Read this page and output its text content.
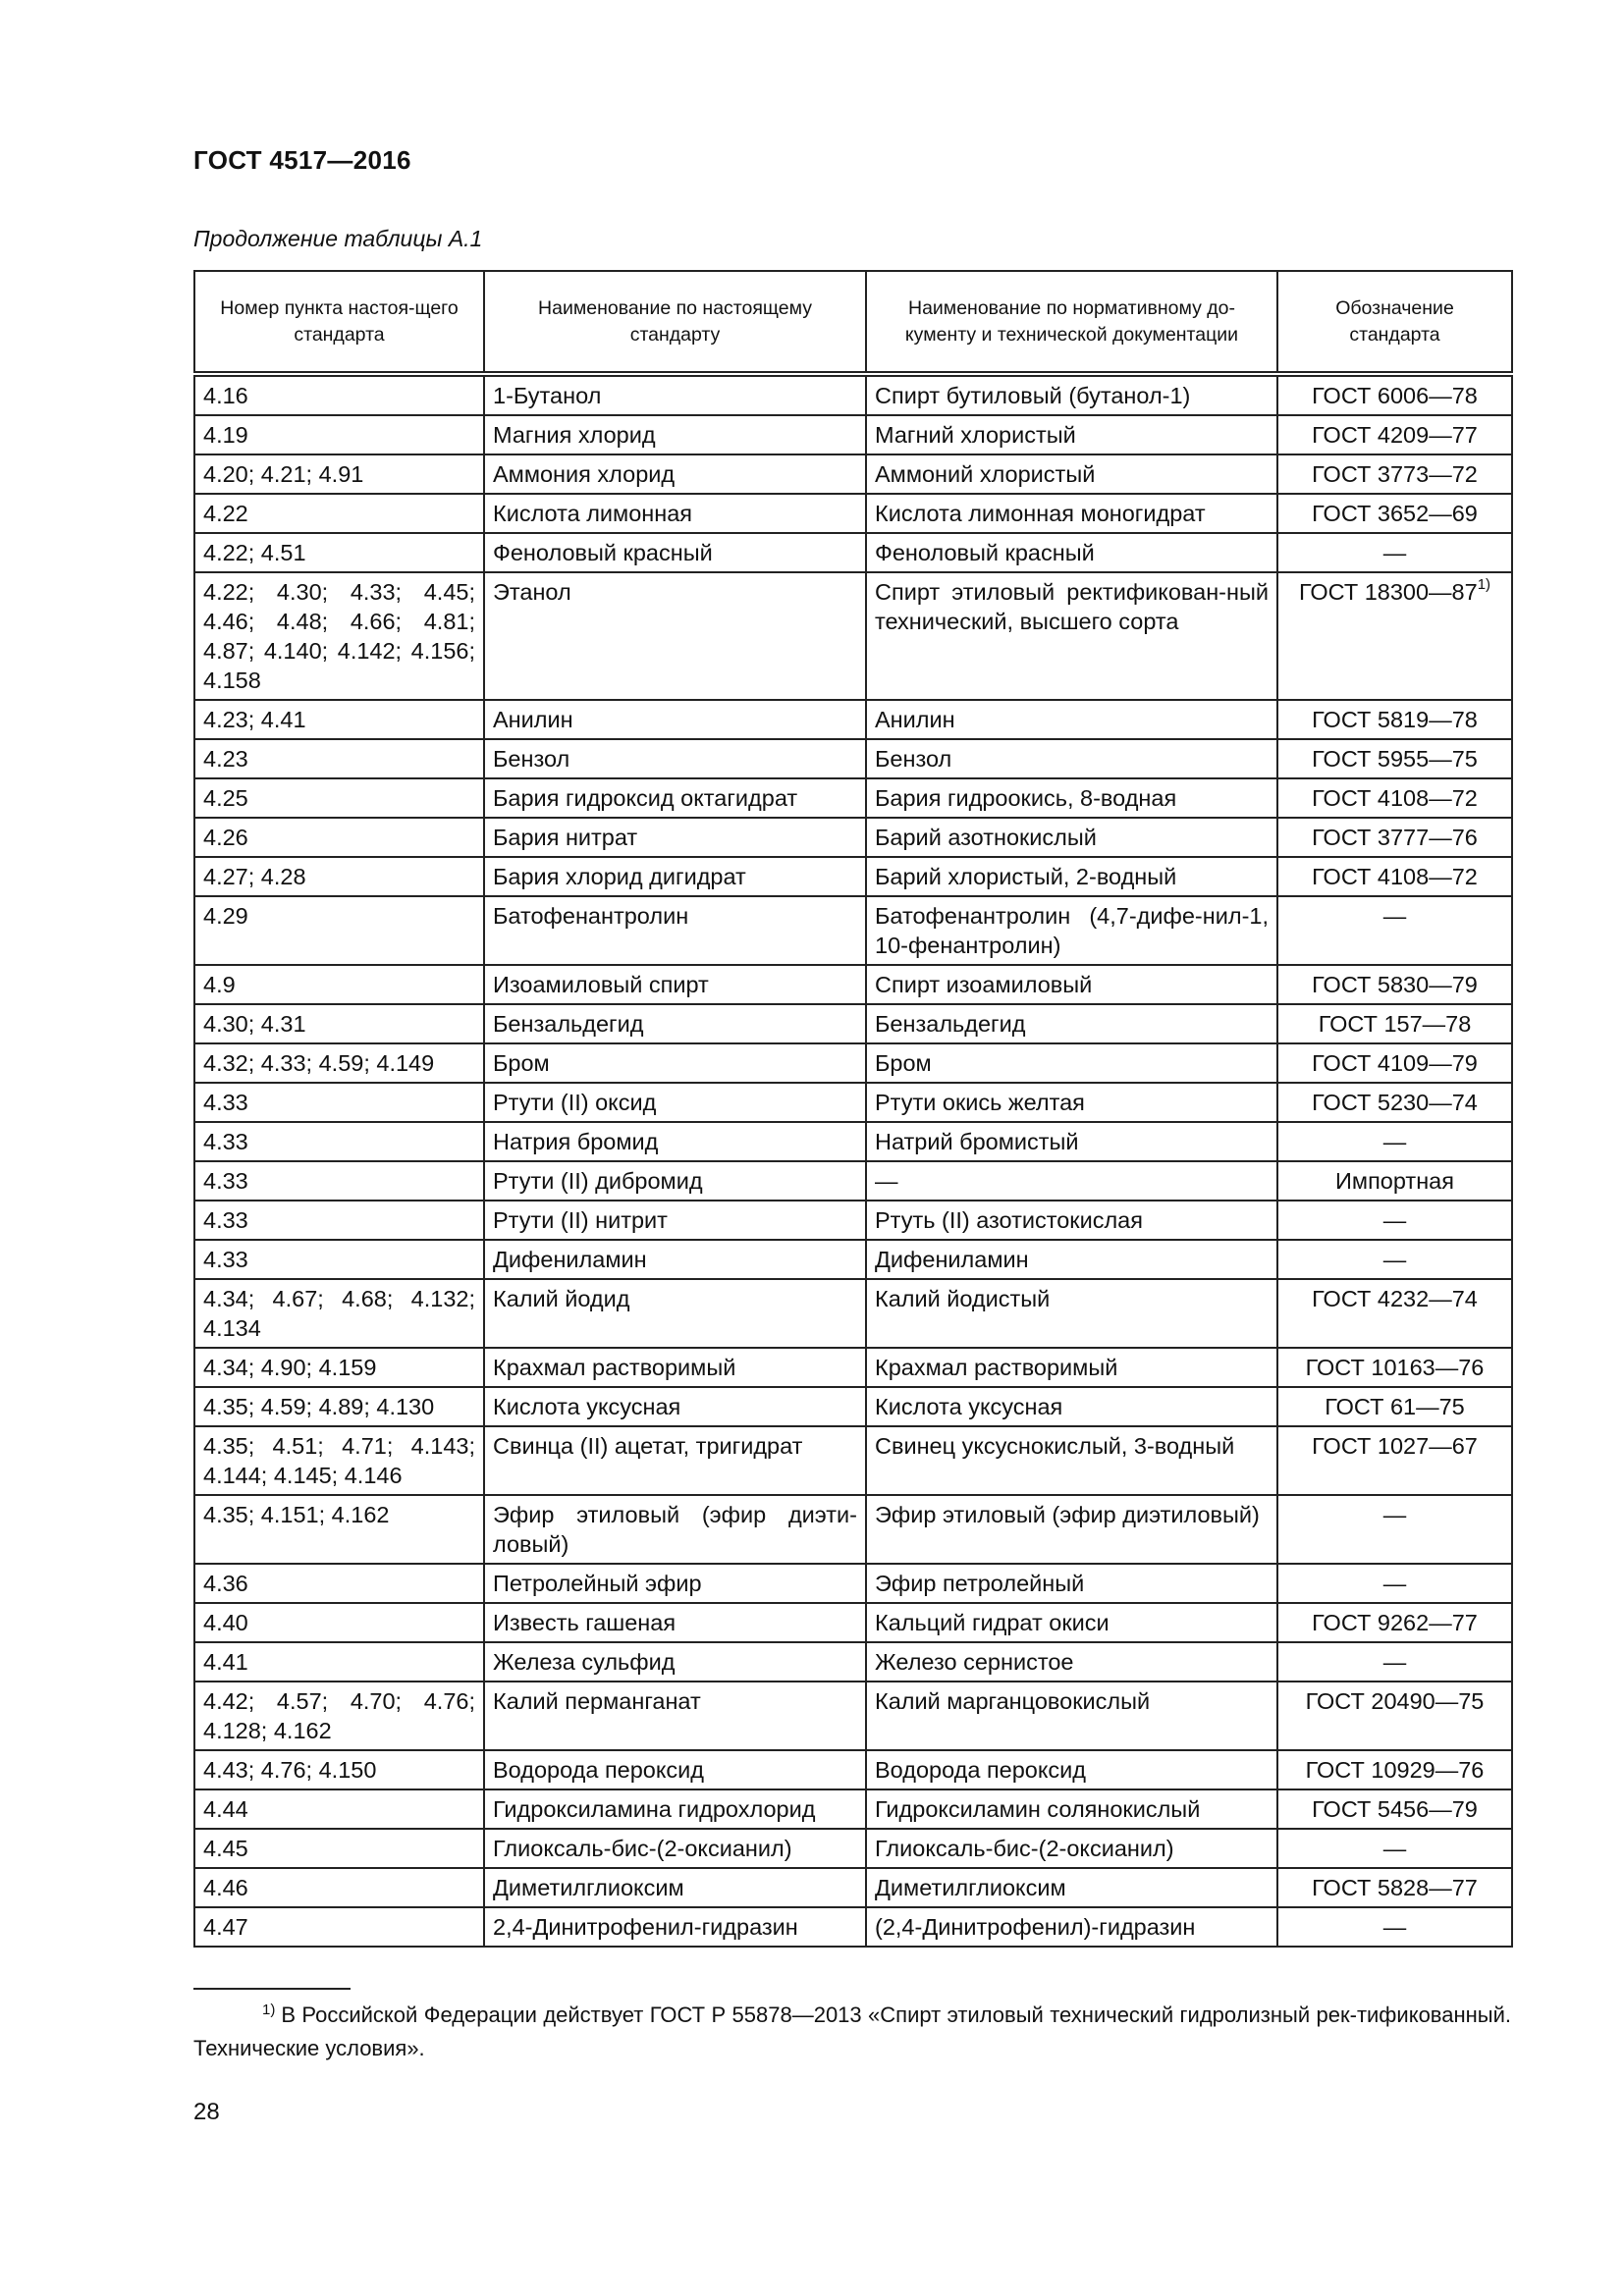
ГОСТ 4517—2016
Продолжение таблицы А.1
Номер пункта настоя-щего стандарта	Наименование по настоящему стандарту	Наименование по нормативному до-кументу и технической документации	Обозначение стандарта
4.16	1-Бутанол	Спирт бутиловый (бутанол-1)	ГОСТ 6006—78
4.19	Магния хлорид	Магний хлористый	ГОСТ 4209—77
4.20; 4.21; 4.91	Аммония хлорид	Аммоний хлористый	ГОСТ 3773—72
4.22	Кислота лимонная	Кислота лимонная моногидрат	ГОСТ 3652—69
4.22; 4.51	Феноловый красный	Феноловый красный	—
4.22; 4.30; 4.33; 4.45; 4.46; 4.48; 4.66; 4.81; 4.87; 4.140; 4.142; 4.156; 4.158	Этанол	Спирт этиловый ректификован-ный технический, высшего сорта	ГОСТ 18300—87$^{1)}$
4.23; 4.41	Анилин	Анилин	ГОСТ 5819—78
4.23	Бензол	Бензол	ГОСТ 5955—75
4.25	Бария гидроксид октагидрат	Бария гидроокись, 8-водная	ГОСТ 4108—72
4.26	Бария нитрат	Барий азотнокислый	ГОСТ 3777—76
4.27; 4.28	Бария хлорид дигидрат	Барий хлористый, 2-водный	ГОСТ 4108—72
4.29	Батофенантролин	Батофенантролин (4,7-дифе-нил-1, 10-фенантролин)	—
4.9	Изоамиловый спирт	Спирт изоамиловый	ГОСТ 5830—79
4.30; 4.31	Бензальдегид	Бензальдегид	ГОСТ 157—78
4.32; 4.33; 4.59; 4.149	Бром	Бром	ГОСТ 4109—79
4.33	Ртути (II) оксид	Ртути окись желтая	ГОСТ 5230—74
4.33	Натрия бромид	Натрий бромистый	—
4.33	Ртути (II) дибромид	—	Импортная
4.33	Ртути (II) нитрит	Ртуть (II) азотистокислая	—
4.33	Дифениламин	Дифениламин	—
4.34; 4.67; 4.68; 4.132; 4.134	Калий йодид	Калий йодистый	ГОСТ 4232—74
4.34; 4.90; 4.159	Крахмал растворимый	Крахмал растворимый	ГОСТ 10163—76
4.35; 4.59; 4.89; 4.130	Кислота уксусная	Кислота уксусная	ГОСТ 61—75
4.35; 4.51; 4.71; 4.143; 4.144; 4.145; 4.146	Свинца (II) ацетат, тригидрат	Свинец уксуснокислый, 3-водный	ГОСТ 1027—67
4.35; 4.151; 4.162	Эфир этиловый (эфир диэти-ловый)	Эфир этиловый (эфир диэтиловый)	—
4.36	Петролейный эфир	Эфир петролейный	—
4.40	Известь гашеная	Кальций гидрат окиси	ГОСТ 9262—77
4.41	Железа сульфид	Железо сернистое	—
4.42; 4.57; 4.70; 4.76; 4.128; 4.162	Калий перманганат	Калий марганцовокислый	ГОСТ 20490—75
4.43; 4.76; 4.150	Водорода пероксид	Водорода пероксид	ГОСТ 10929—76
4.44	Гидроксиламина гидрохлорид	Гидроксиламин солянокислый	ГОСТ 5456—79
4.45	Глиоксаль-бис-(2-оксианил)	Глиоксаль-бис-(2-оксианил)	—
4.46	Диметилглиоксим	Диметилглиоксим	ГОСТ 5828—77
4.47	2,4-Динитрофенил-гидразин	(2,4-Динитрофенил)-гидразин	—
$^{1)}$ В Российской Федерации действует ГОСТ Р 55878—2013 «Спирт этиловый технический гидролизный рек-тификованный. Технические условия».
28
